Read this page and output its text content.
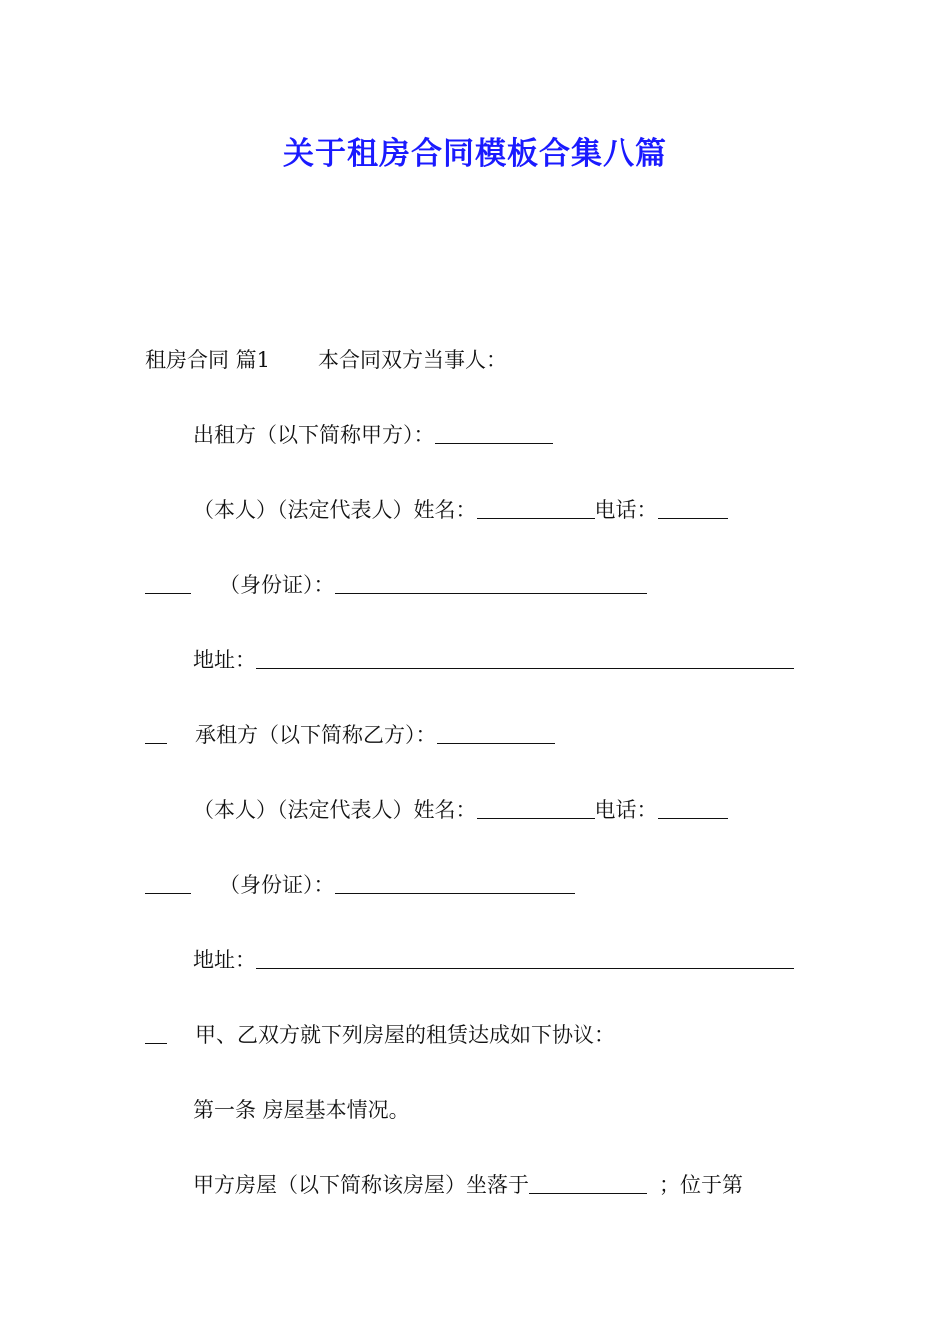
关于租房合同模板合集八篇
租房合同 篇1 本合同双方当事人：
出租方（以下简称甲方）：
（本人）（法定代表人）姓名：	电话：
（身份证）：
地址：
承租方（以下简称乙方）：
（本人）（法定代表人）姓名：	电话：
（身份证）：
地址：
甲、乙双方就下列房屋的租赁达成如下协议：
第一条 房屋基本情况。
甲方房屋（以下简称该房屋）坐落于	；位于第
